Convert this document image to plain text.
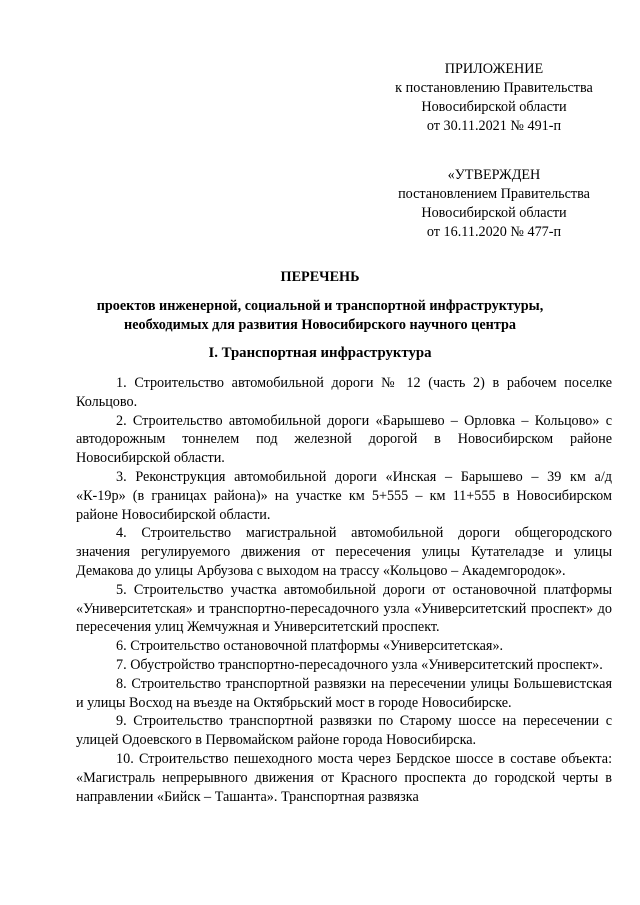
ПРИЛОЖЕНИЕ
к постановлению Правительства
Новосибирской области
от 30.11.2021 № 491-п
«УТВЕРЖДЕН
постановлением Правительства
Новосибирской области
от 16.11.2020 № 477-п
ПЕРЕЧЕНЬ
проектов инженерной, социальной и транспортной инфраструктуры,
необходимых для развития Новосибирского научного центра
I. Транспортная инфраструктура

1. Строительство автомобильной дороги № 12 (часть 2) в рабочем поселке Кольцово.

2. Строительство автомобильной дороги «Барышево – Орловка – Кольцово» с автодорожным тоннелем под железной дорогой в Новосибирском районе Новосибирской области.

3. Реконструкция автомобильной дороги «Инская – Барышево – 39 км а/д «К-19р» (в границах района)» на участке км 5+555 – км 11+555 в Новосибирском районе Новосибирской области.

4. Строительство магистральной автомобильной дороги общегородского значения регулируемого движения от пересечения улицы Кутателадзе и улицы Демакова до улицы Арбузова с выходом на трассу «Кольцово – Академгородок».

5. Строительство участка автомобильной дороги от остановочной платформы «Университетская» и транспортно-пересадочного узла «Университетский проспект» до пересечения улиц Жемчужная и Университетский проспект.

6. Строительство остановочной платформы «Университетская».

7. Обустройство транспортно-пересадочного узла «Университетский проспект».

8. Строительство транспортной развязки на пересечении улицы Большевистская и улицы Восход на въезде на Октябрьский мост в городе Новосибирске.

9. Строительство транспортной развязки по Старому шоссе на пересечении с улицей Одоевского в Первомайском районе города Новосибирска.

10. Строительство пешеходного моста через Бердское шоссе в составе объекта: «Магистраль непрерывного движения от Красного проспекта до городской черты в направлении «Бийск – Ташанта». Транспортная развязка
